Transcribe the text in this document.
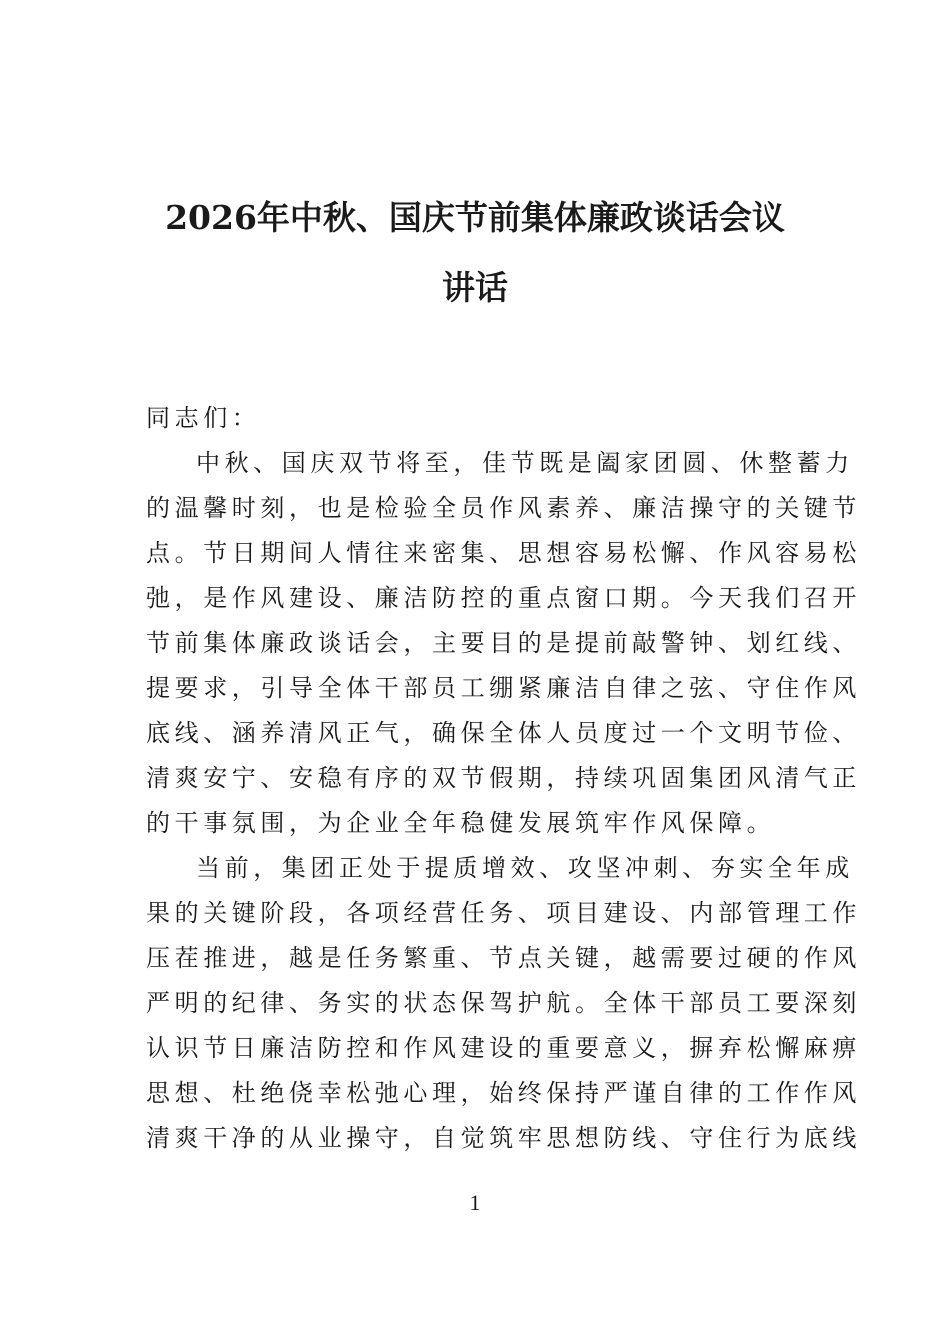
2026年中秋、国庆节前集体廉政谈话会议
讲话
同志们：
中秋、国庆双节将至，佳节既是阖家团圆、休整蓄力
的温馨时刻，也是检验全员作风素养、廉洁操守的关键节
点。节日期间人情往来密集、思想容易松懈、作风容易松
弛，是作风建设、廉洁防控的重点窗口期。今天我们召开
节前集体廉政谈话会，主要目的是提前敲警钟、划红线、
提要求，引导全体干部员工绷紧廉洁自律之弦、守住作风
底线、涵养清风正气，确保全体人员度过一个文明节俭、
清爽安宁、安稳有序的双节假期，持续巩固集团风清气正
的干事氛围，为企业全年稳健发展筑牢作风保障。
当前，集团正处于提质增效、攻坚冲刺、夯实全年成
果的关键阶段，各项经营任务、项目建设、内部管理工作
压茬推进，越是任务繁重、节点关键，越需要过硬的作风
严明的纪律、务实的状态保驾护航。全体干部员工要深刻
认识节日廉洁防控和作风建设的重要意义，摒弃松懈麻痹
思想、杜绝侥幸松弛心理，始终保持严谨自律的工作作风
清爽干净的从业操守，自觉筑牢思想防线、守住行为底线
1
